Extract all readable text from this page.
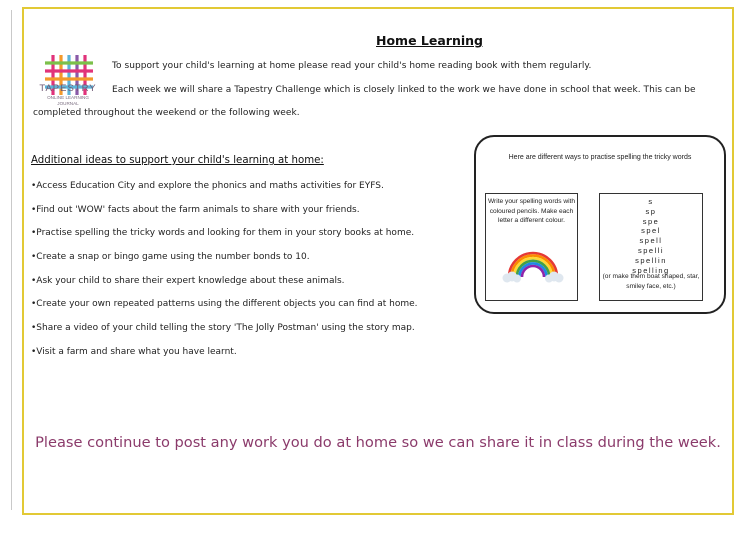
TAPESTRY
ONLINE LEARNING
JOURNAL
Home Learning
To support your child's learning at home please read your child's home reading book with them regularly.
Each week we will share a Tapestry Challenge which is closely linked to the work we have done in school that week. This can be
completed throughout the weekend or the following week.
Additional ideas to support your child's learning at home:
•Access Education City and explore the phonics and maths activities for EYFS.
•Find out 'WOW' facts about the farm animals to share with your friends.
•Practise spelling the tricky words and looking for them in your story books at home.
•Create a snap or bingo game using the number bonds to 10.
•Ask your child to share their expert knowledge about these animals.
•Create your own repeated patterns using the different objects you can find at home.
•Share a video of your child telling the story 'The Jolly Postman' using the story map.
•Visit a farm and share what you have learnt.
Here are different ways to practise spelling the tricky words
Write your spelling words with coloured pencils. Make each letter a different colour.
s
sp
spe
spel
spell
spelli
spellin
spelling
(or make them boat shaped, star, smiley face, etc.)
Please continue to post any work you do at home so we can share it in class during the week.
